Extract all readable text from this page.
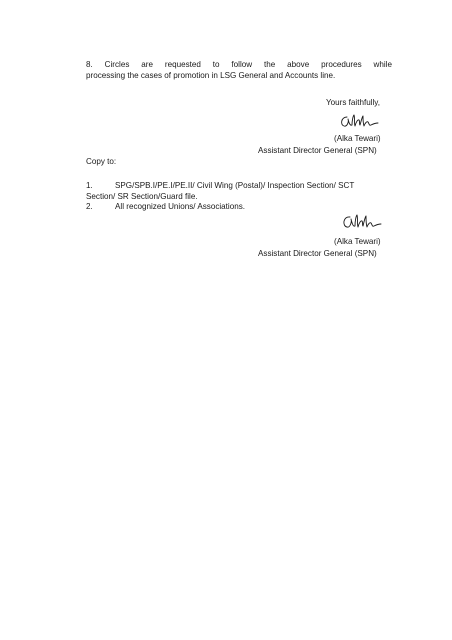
8. Circles are requested to follow the above procedures while
processing the cases of promotion in LSG General and Accounts line.
Yours faithfully,
(Alka Tewari)
Assistant Director General (SPN)
Copy to:
1.	SPG/SPB.I/PE.I/PE.II/ Civil Wing (Postal)/ Inspection Section/ SCT
Section/ SR Section/Guard file.
2.	All recognized Unions/ Associations.
(Alka Tewari)
Assistant Director General (SPN)
